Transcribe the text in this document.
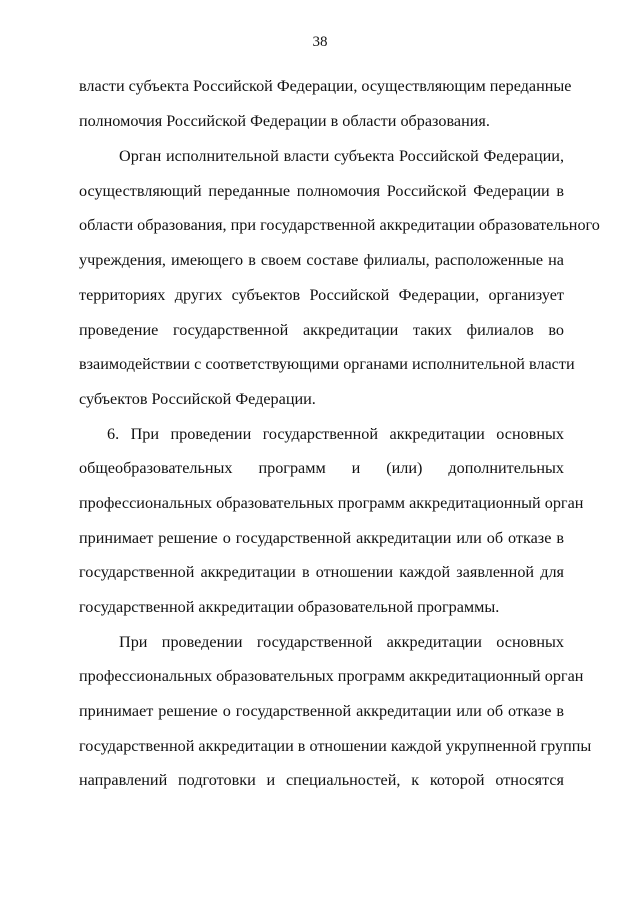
38
власти субъекта Российской Федерации, осуществляющим переданные
полномочия Российской Федерации в области образования.
Орган исполнительной власти субъекта Российской Федерации,
осуществляющий переданные полномочия Российской Федерации в
области образования, при государственной аккредитации образовательного
учреждения, имеющего в своем составе филиалы, расположенные на
территориях других субъектов Российской Федерации, организует
проведение государственной аккредитации таких филиалов во
взаимодействии с соответствующими органами исполнительной власти
субъектов Российской Федерации.
6. При проведении государственной аккредитации основных
общеобразовательных программ и (или) дополнительных
профессиональных образовательных программ аккредитационный орган
принимает решение о государственной аккредитации или об отказе в
государственной аккредитации в отношении каждой заявленной для
государственной аккредитации образовательной программы.
При проведении государственной аккредитации основных
профессиональных образовательных программ аккредитационный орган
принимает решение о государственной аккредитации или об отказе в
государственной аккредитации в отношении каждой укрупненной группы
направлений подготовки и специальностей, к которой относятся
